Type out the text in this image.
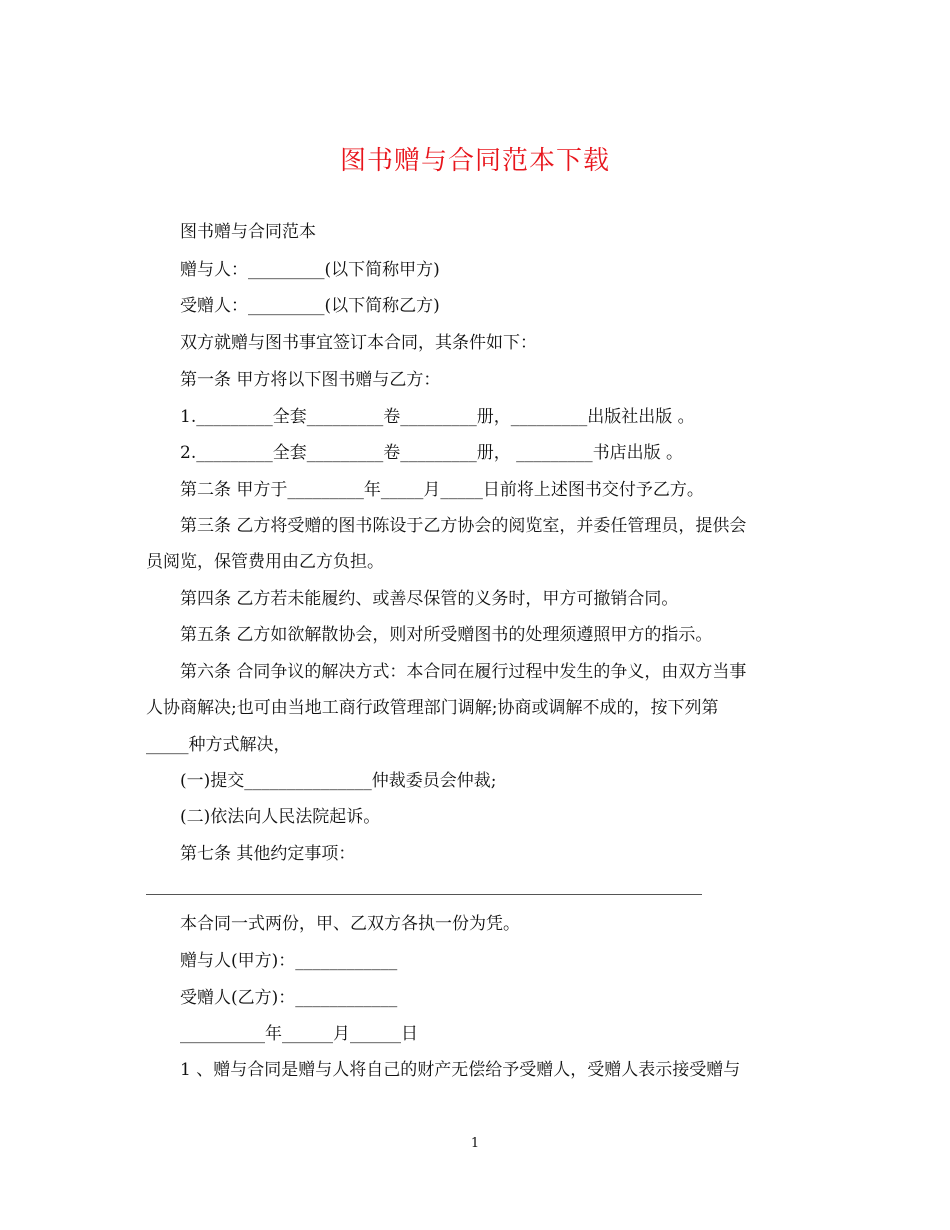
图书赠与合同范本下载
图书赠与合同范本
赠与人：_________(以下简称甲方)
受赠人：_________(以下简称乙方)
双方就赠与图书事宜签订本合同，其条件如下：
第一条 甲方将以下图书赠与乙方：
1._________全套_________卷_________册，_________出版社出版 。
2._________全套_________卷_________册， _________书店出版 。
第二条 甲方于_________年_____月_____日前将上述图书交付予乙方。
第三条 乙方将受赠的图书陈设于乙方协会的阅览室，并委任管理员，提供会
员阅览，保管费用由乙方负担。
第四条 乙方若未能履约、或善尽保管的义务时，甲方可撤销合同。
第五条 乙方如欲解散协会，则对所受赠图书的处理须遵照甲方的指示。
第六条 合同争议的解决方式：本合同在履行过程中发生的争义，由双方当事
人协商解决;也可由当地工商行政管理部门调解;协商或调解不成的，按下列第
_____种方式解决，
(一)提交_______________仲裁委员会仲裁;
(二)依法向人民法院起诉。
第七条 其他约定事项：
本合同一式两份，甲、乙双方各执一份为凭。
赠与人(甲方)：____________
受赠人(乙方)：____________
__________年______月______日
1 、赠与合同是赠与人将自己的财产无偿给予受赠人，受赠人表示接受赠与
1
